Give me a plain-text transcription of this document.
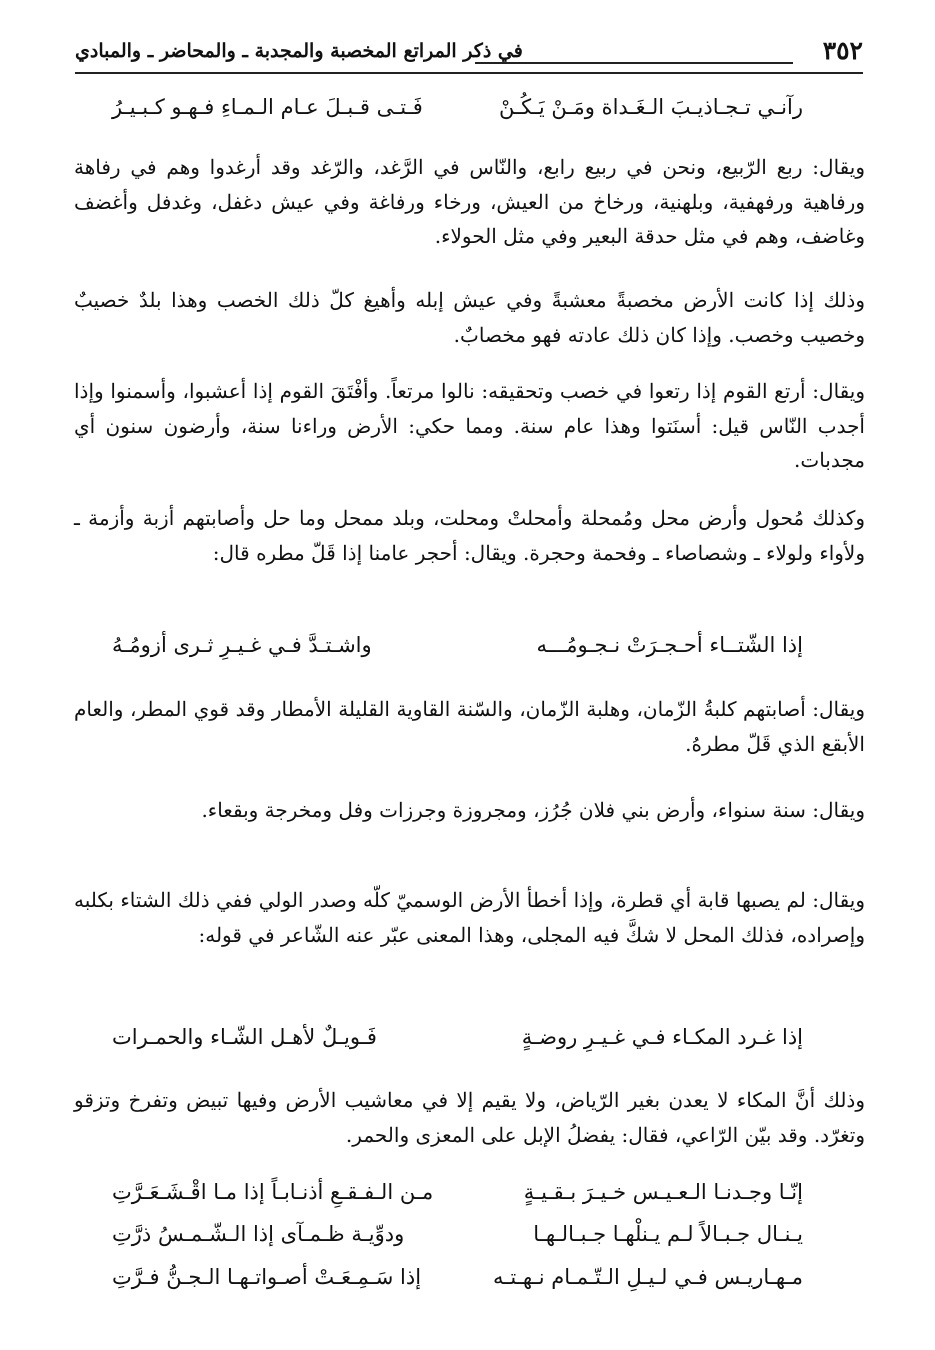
٣٥٢
في ذكر المراتع المخصبة والمجدبة ـ والمحاضر ـ والمبادي
رآنـي تـجـاذيـبَ الـغَـداة ومَـنْ يَـكُـنْ
فَـتـى قـبـلَ عـام الـمـاءِ فـهـو كـبـيـرُ

ويقال: ربع الرّبيع، ونحن في ربيع رابع، والنّاس في الرَّغد، والرّغد وقد أرغدوا وهم في رفاهة ورفاهية ورفهفية، وبلهنية، ورخاخ من العيش، ورخاء ورفاغة وفي عيش دغفل، وغدفل وأغضف وغاضف، وهم في مثل حدقة البعير وفي مثل الحولاء.

وذلك إذا كانت الأرض مخصبةً معشبةً وفي عيش إبله وأهيغ كلّ ذلك الخصب وهذا بلدٌ خصيبٌ وخصيب وخصب. وإذا كان ذلك عادته فهو مخصابٌ.

ويقال: أرتع القوم إذا رتعوا في خصب وتحقيقه: نالوا مرتعاً. وأفْتَقَ القوم إذا أعشبوا، وأسمنوا وإذا أجدب النّاس قيل: أسنَتوا وهذا عام سنة. ومما حكي: الأرض وراءنا سنة، وأرضون سنون أي مجدبات.

وكذلك مُحول وأرض محل ومُمحلة وأمحلتْ ومحلت، وبلد ممحل وما حل وأصابتهم أزبة وأزمة ـ ولأواء ولولاء ـ وشصاصاء ـ وفحمة وحجرة. ويقال: أحجر عامنا إذا قَلّ مطره قال:

إذا الشّتــاء أحـجـرَتْ نـجـومُـــه
واشـتـدَّ فـي غـيـرِ ثـرى أزومُـهُ

ويقال: أصابتهم كلبةُ الزّمان، وهلبة الزّمان، والسّنة القاوية القليلة الأمطار وقد قوي المطر، والعام الأبقع الذي قَلّ مطرهُ.

ويقال: سنة سنواء، وأرض بني فلان جُرُز، ومجروزة وجرزات وفل ومخرجة وبقعاء.

ويقال: لم يصبها قابة أي قطرة، وإذا أخطأ الأرض الوسميّ كلّه وصدر الولي ففي ذلك الشتاء بكلبه وإصراده، فذلك المحل لا شكَّ فيه المجلى، وهذا المعنى عبّر عنه الشّاعر في قوله:

إذا غـرد المكـاء فـي غـيـرِ روضـةٍ
فَـويـلٌ لأهـل الشّـاء والحمـرات

وذلك أنَّ المكاء لا يعدن بغير الرّياض، ولا يقيم إلا في معاشيب الأرض وفيها تبيض وتفرخ وتزقو وتغرّد. وقد بيّن الرّاعي، فقال: يفضلُ الإبل على المعزى والحمر.

إنّـا وجـدنـا الـعـيـس خـيـرَ بـقـيـةٍ
مـن الـفـقـعِ أذنـابـاً إذا مـا اقْـشَـعَـرَّتِ
يـنـال جـبـالاً لـم يـنلْهـا جـبـالـهـا
ودوِّيـة ظـمـآى إذا الـشّـمـسُ ذرَّتِ
مـهـاريـس فـي لـيـلِ الـتّـمـام نـهـتـه
إذا سَـمِـعَـتْ أصـواتـهـا الـجـنُّ فـرَّتِ
